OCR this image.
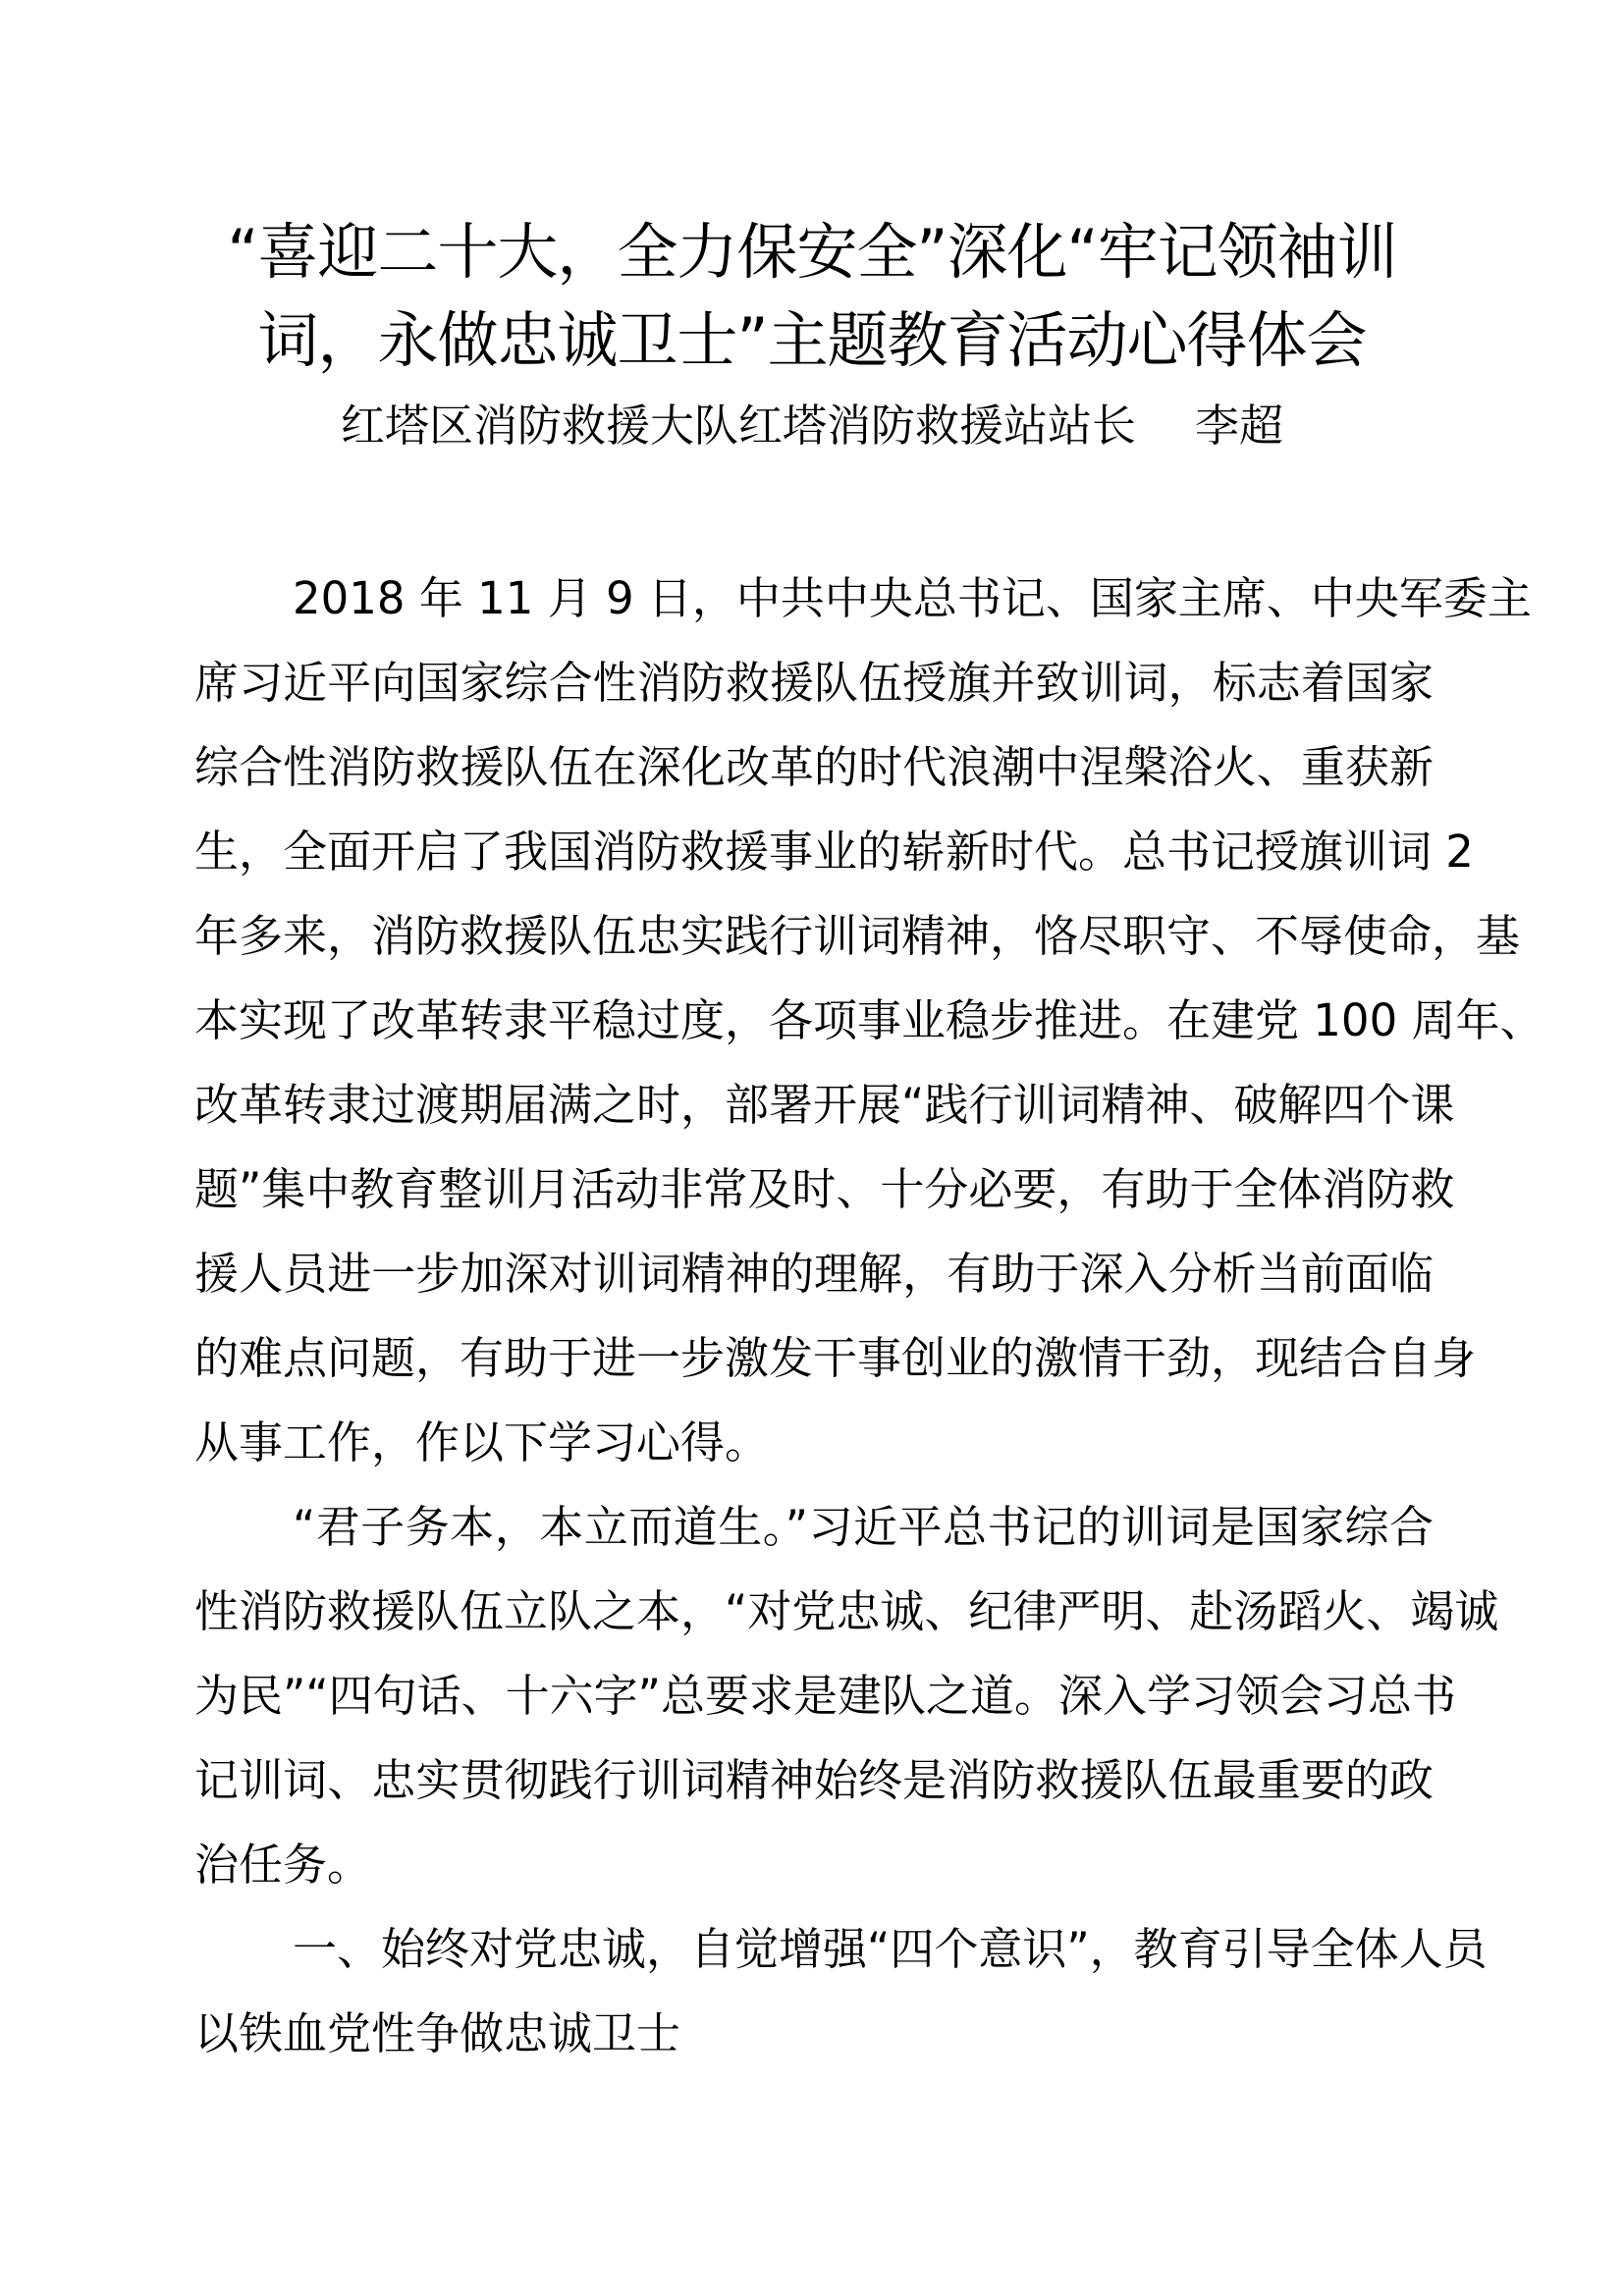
“喜迎二十大，全力保安全”深化“牢记领袖训
词，永做忠诚卫士”主题教育活动心得体会
红塔区消防救援大队红塔消防救援站站长 李超
2018 年 11 月 9 日，中共中央总书记、国家主席、中央军委主
席习近平向国家综合性消防救援队伍授旗并致训词，标志着国家
综合性消防救援队伍在深化改革的时代浪潮中涅槃浴火、重获新
生，全面开启了我国消防救援事业的崭新时代。总书记授旗训词 2
年多来，消防救援队伍忠实践行训词精神，恪尽职守、不辱使命，基
本实现了改革转隶平稳过度，各项事业稳步推进。在建党 100 周年、
改革转隶过渡期届满之时，部署开展“践行训词精神、破解四个课
题”集中教育整训月活动非常及时、十分必要，有助于全体消防救
援人员进一步加深对训词精神的理解，有助于深入分析当前面临
的难点问题，有助于进一步激发干事创业的激情干劲，现结合自身
从事工作，作以下学习心得。
“君子务本，本立而道生。”习近平总书记的训词是国家综合
性消防救援队伍立队之本，“对党忠诚、纪律严明、赴汤蹈火、竭诚
为民”“四句话、十六字”总要求是建队之道。深入学习领会习总书
记训词、忠实贯彻践行训词精神始终是消防救援队伍最重要的政
治任务。
一、始终对党忠诚，自觉增强“四个意识”，教育引导全体人员
以铁血党性争做忠诚卫士
